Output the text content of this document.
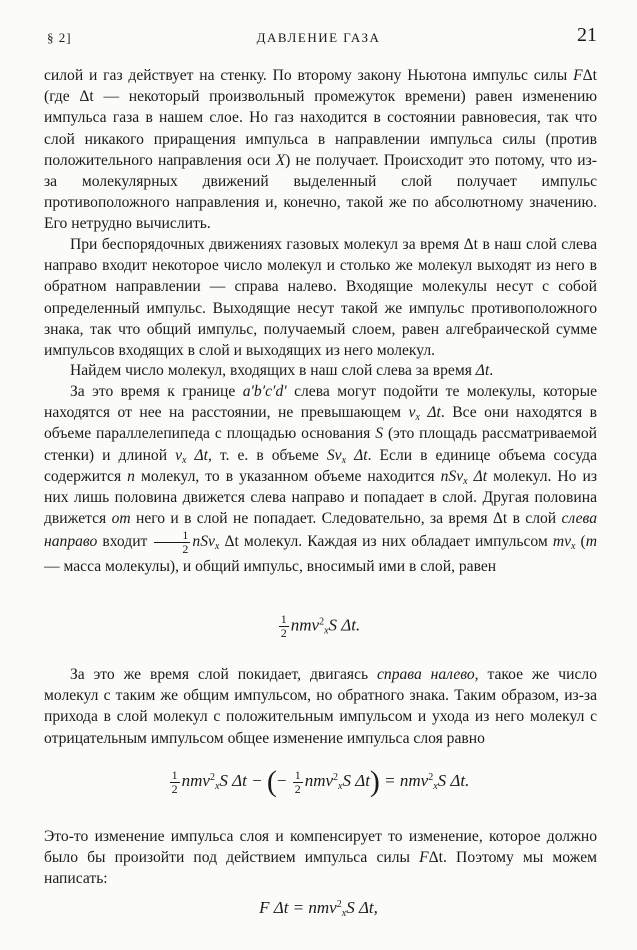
§ 2]	ДАВЛЕНИЕ ГАЗА	21

силой и газ действует на стенку. По второму закону Ньютона импульс силы FΔt (где Δt — некоторый произвольный промежуток времени) равен изменению импульса газа в нашем слое. Но газ находится в состоянии равновесия, так что слой никакого приращения импульса в направлении импульса силы (против положительного направления оси X) не получает. Происходит это потому, что из-за молекулярных движений выделенный слой получает импульс противоположного направления и, конечно, такой же по абсолютному значению. Его нетрудно вычислить.

При беспорядочных движениях газовых молекул за время Δt в наш слой слева направо входит некоторое число молекул и столько же молекул выходят из него в обратном направлении — справа налево. Входящие молекулы несут с собой определенный импульс. Выходящие несут такой же импульс противоположного знака, так что общий импульс, получаемый слоем, равен алгебраической сумме импульсов входящих в слой и выходящих из него молекул.

Найдем число молекул, входящих в наш слой слева за время Δt.

За это время к границе a′b′c′d′ слева могут подойти те молекулы, которые находятся от нее на расстоянии, не превышающем $v_x$ Δt. Все они находятся в объеме параллелепипеда с площадью основания S (это площадь рассматриваемой стенки) и длиной $v_x$ Δt, т. е. в объеме $Sv_x$ Δt. Если в единице объема сосуда содержится n молекул, то в указанном объеме находится nSv$_x$ Δt молекул. Но из них лишь половина движется слева направо и попадает в слой. Другая половина движется от него и в слой не попадает. Следовательно, за время Δt в слой слева направо входит $\frac{1}{2} nSv_x$ Δt молекул. Каждая из них обладает импульсом $mv_x$ (m — масса молекулы), и общий импульс, вносимый ими в слой, равен

$\frac{1}{2} nmv^2_xS$ Δt.

За это же время слой покидает, двигаясь справа налево, такое же число молекул с таким же общим импульсом, но обратного знака. Таким образом, из-за прихода в слой молекул с положительным импульсом и ухода из него молекул с отрицательным импульсом общее изменение импульса слоя равно

$\frac{1}{2} nmv^2_xS$ Δt − (− $\frac{1}{2} nmv^2_xS$ Δt) = nmv$^2_x$S Δt.

Это-то изменение импульса слоя и компенсирует то изменение, которое должно было бы произойти под действием импульса силы FΔt. Поэтому мы можем написать:

F Δt = nmv$^2_x$S Δt,
